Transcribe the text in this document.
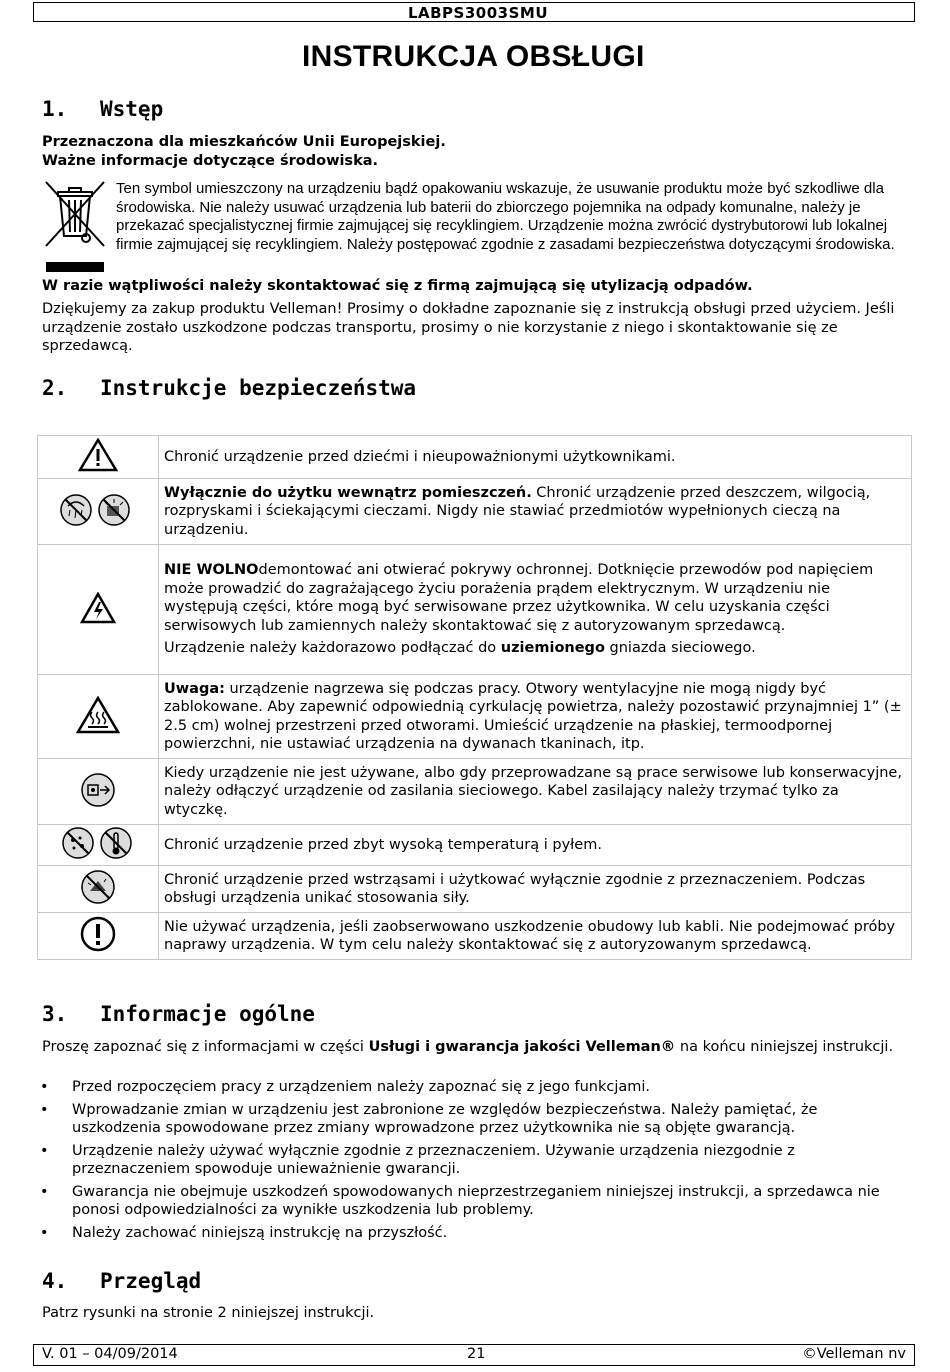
LABPS3003SMU
INSTRUKCJA OBSŁUGI
1. Wstęp
Przeznaczona dla mieszkańców Unii Europejskiej.
Ważne informacje dotyczące środowiska.
Ten symbol umieszczony na urządzeniu bądź opakowaniu wskazuje, że usuwanie produktu może być szkodliwe dla środowiska. Nie należy usuwać urządzenia lub baterii do zbiorczego pojemnika na odpady komunalne, należy je przekazać specjalistycznej firmie zajmującej się recyklingiem. Urządzenie można zwrócić dystrybutorowi lub lokalnej firmie zajmującej się recyklingiem. Należy postępować zgodnie z zasadami bezpieczeństwa dotyczącymi środowiska.
W razie wątpliwości należy skontaktować się z firmą zajmującą się utylizacją odpadów.
Dziękujemy za zakup produktu Velleman! Prosimy o dokładne zapoznanie się z instrukcją obsługi przed użyciem. Jeśli urządzenie zostało uszkodzone podczas transportu, prosimy o nie korzystanie z niego i skontaktowanie się ze sprzedawcą.
2. Instrukcje bezpieczeństwa

Chronić urządzenie przed dziećmi i nieupoważnionymi użytkownikami.

Wyłącznie do użytku wewnątrz pomieszczeń. Chronić urządzenie przed deszczem, wilgocią, rozpryskami i ściekającymi cieczami. Nigdy nie stawiać przedmiotów wypełnionych cieczą na urządzeniu.

NIE WOLNOdemontować ani otwierać pokrywy ochronnej. Dotknięcie przewodów pod napięciem może prowadzić do zagrażającego życiu porażenia prądem elektrycznym. W urządzeniu nie występują części, które mogą być serwisowane przez użytkownika. W celu uzyskania części serwisowych lub zamiennych należy skontaktować się z autoryzowanym sprzedawcą.

Urządzenie należy każdorazowo podłączać do uziemionego gniazda sieciowego.

Uwaga: urządzenie nagrzewa się podczas pracy. Otwory wentylacyjne nie mogą nigdy być zablokowane. Aby zapewnić odpowiednią cyrkulację powietrza, należy pozostawić przynajmniej 1” (± 2.5 cm) wolnej przestrzeni przed otworami. Umieścić urządzenie na płaskiej, termoodpornej powierzchni, nie ustawiać urządzenia na dywanach tkaninach, itp.

Kiedy urządzenie nie jest używane, albo gdy przeprowadzane są prace serwisowe lub konserwacyjne, należy odłączyć urządzenie od zasilania sieciowego. Kabel zasilający należy trzymać tylko za wtyczkę.

Chronić urządzenie przed zbyt wysoką temperaturą i pyłem.

Chronić urządzenie przed wstrząsami i użytkować wyłącznie zgodnie z przeznaczeniem. Podczas obsługi urządzenia unikać stosowania siły.

Nie używać urządzenia, jeśli zaobserwowano uszkodzenie obudowy lub kabli. Nie podejmować próby naprawy urządzenia. W tym celu należy skontaktować się z autoryzowanym sprzedawcą.

3. Informacje ogólne
Proszę zapoznać się z informacjami w części Usługi i gwarancja jakości Velleman® na końcu niniejszej instrukcji.
• Przed rozpoczęciem pracy z urządzeniem należy zapoznać się z jego funkcjami.
• Wprowadzanie zmian w urządzeniu jest zabronione ze względów bezpieczeństwa. Należy pamiętać, że uszkodzenia spowodowane przez zmiany wprowadzone przez użytkownika nie są objęte gwarancją.
• Urządzenie należy używać wyłącznie zgodnie z przeznaczeniem. Używanie urządzenia niezgodnie z przeznaczeniem spowoduje unieważnienie gwarancji.
• Gwarancja nie obejmuje uszkodzeń spowodowanych nieprzestrzeganiem niniejszej instrukcji, a sprzedawca nie ponosi odpowiedzialności za wynikłe uszkodzenia lub problemy.
• Należy zachować niniejszą instrukcję na przyszłość.
4. Przegląd
Patrz rysunki na stronie 2 niniejszej instrukcji.
V. 01 – 04/09/2014	21	©Velleman nv
